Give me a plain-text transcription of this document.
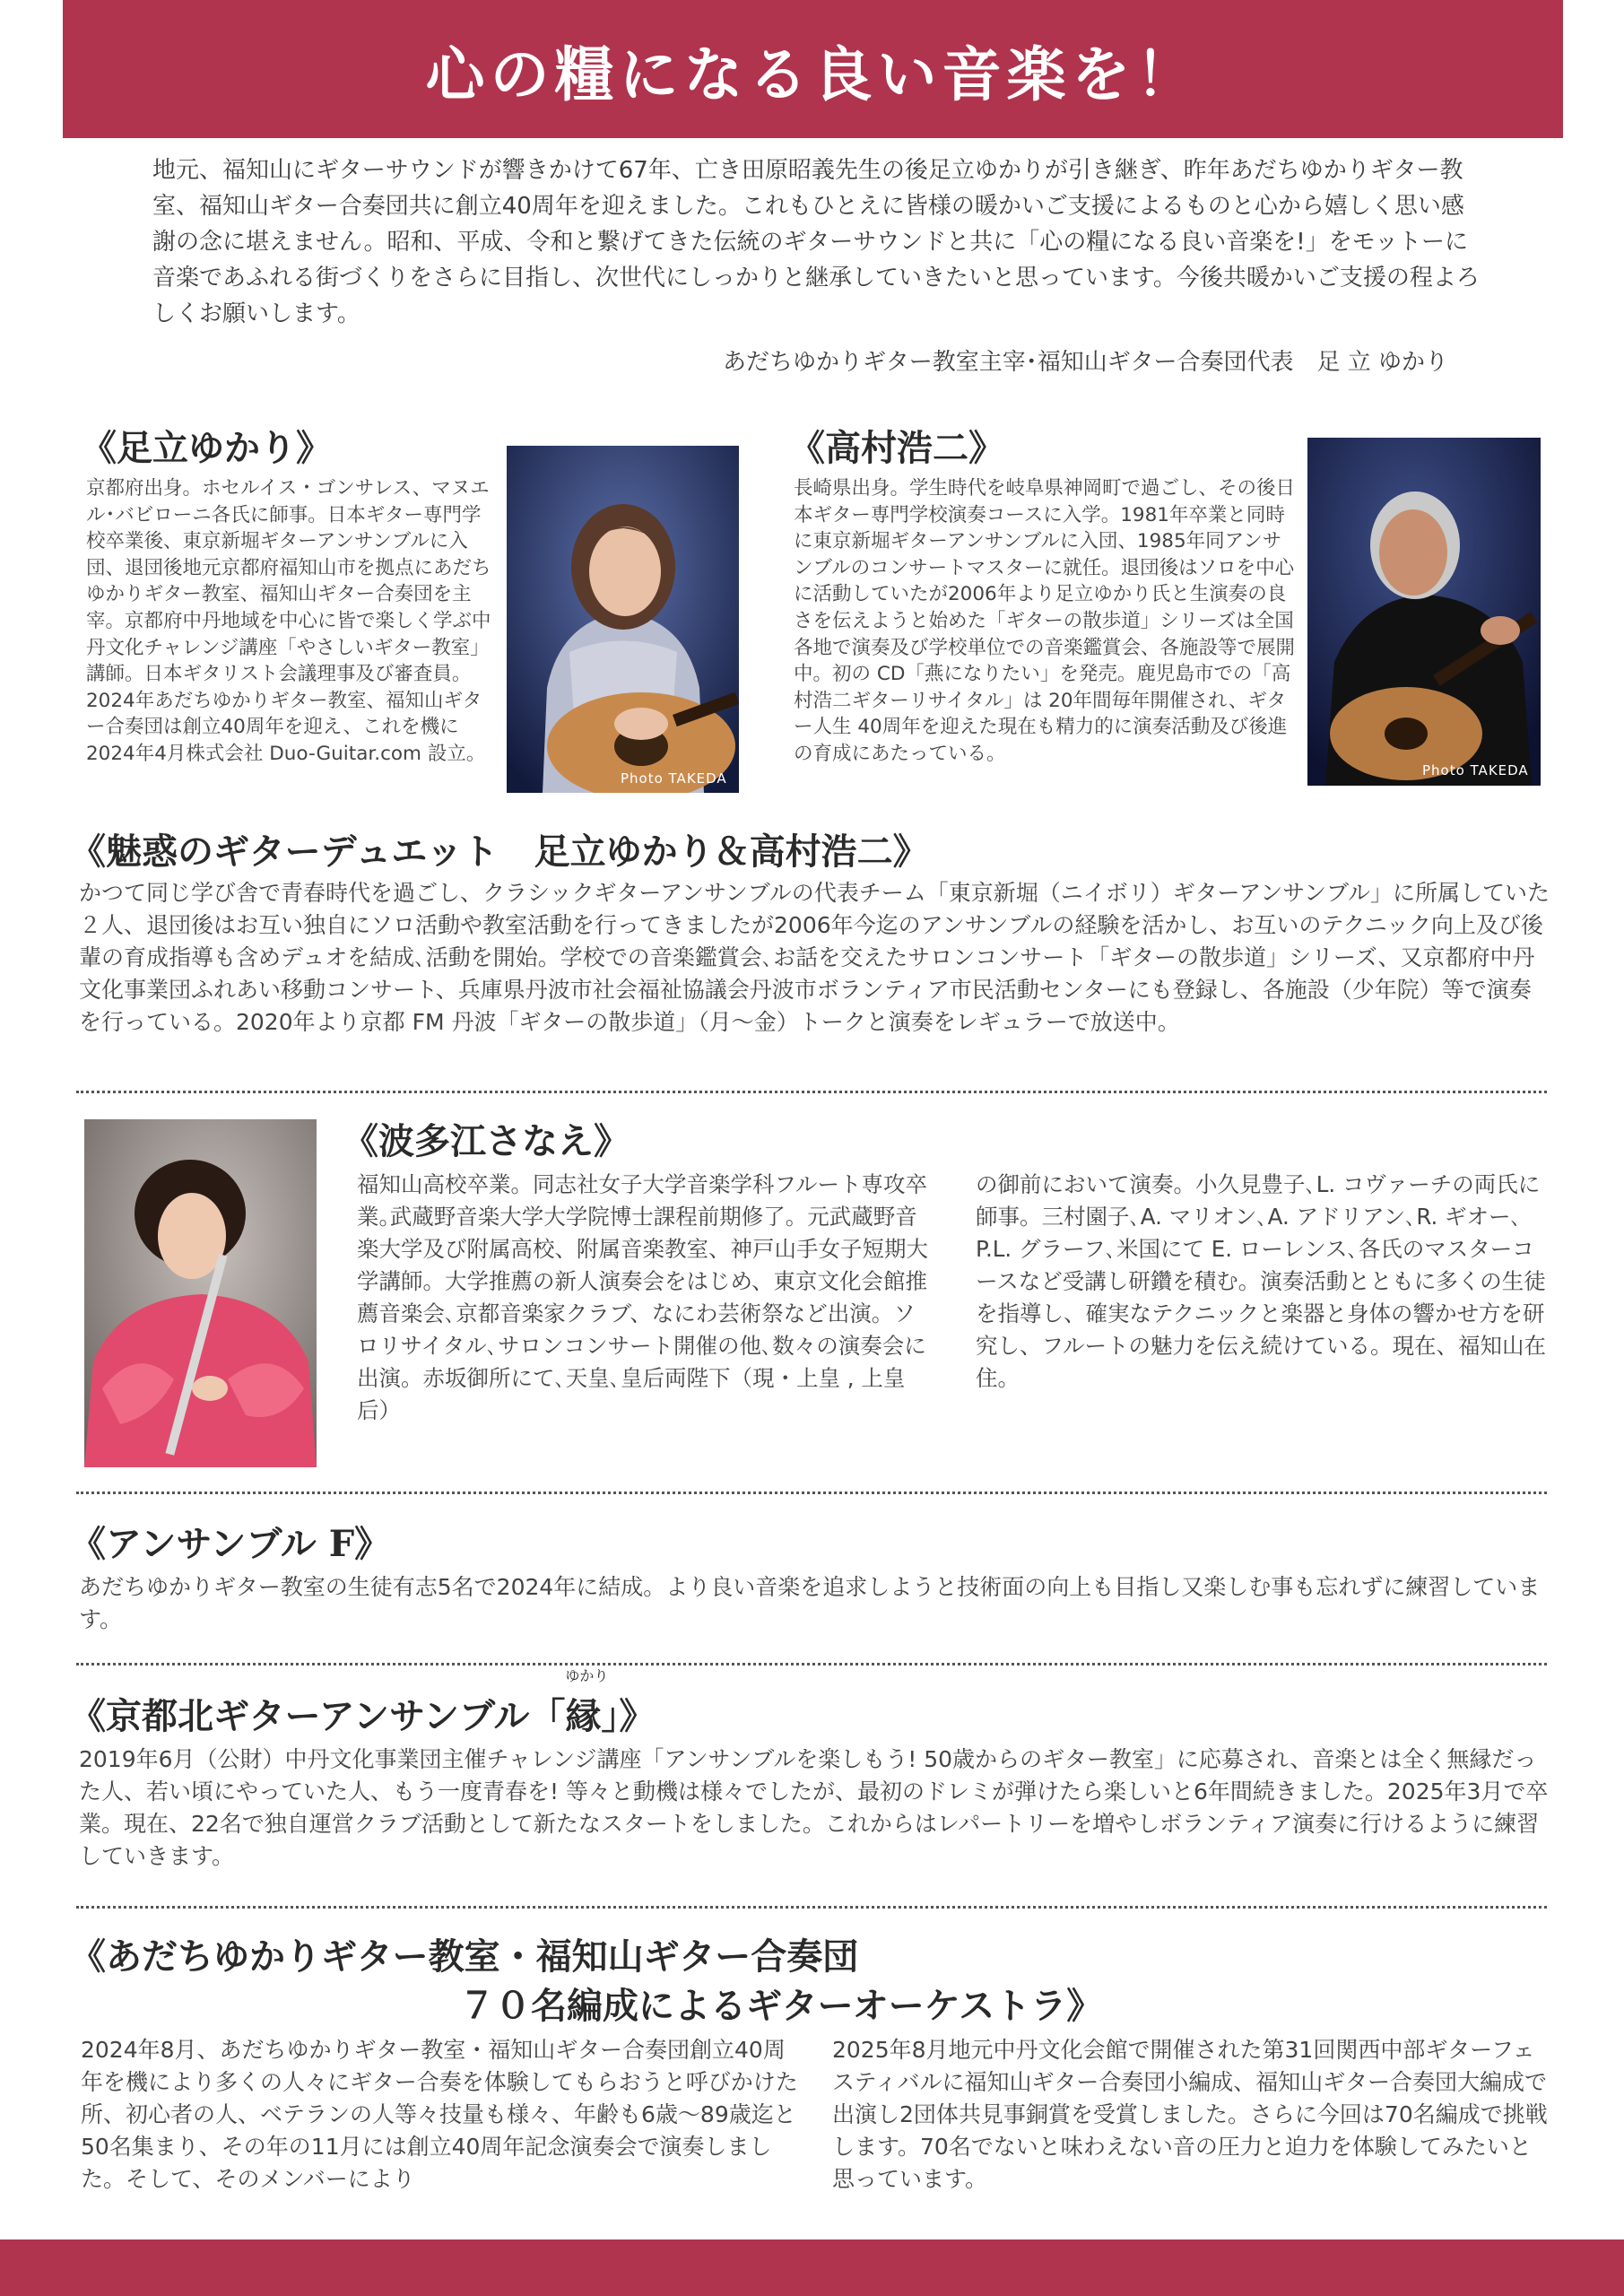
心の糧になる良い音楽を！

地元、福知山にギターサウンドが響きかけて67年、亡き田原昭義先生の後足立ゆかりが引き継ぎ、昨年あだちゆかりギター教室、福知山ギター合奏団共に創立40周年を迎えました。これもひとえに皆様の暖かいご支援によるものと心から嬉しく思い感謝の念に堪えません。昭和、平成、令和と繋げてきた伝統のギターサウンドと共に「心の糧になる良い音楽を!」をモットーに音楽であふれる街づくりをさらに目指し、次世代にしっかりと継承していきたいと思っています。今後共暖かいご支援の程よろしくお願いします。

あだちゆかりギター教室主宰･福知山ギター合奏団代表　足 立 ゆかり
《足立ゆかり》
京都府出身。ホセルイス・ゴンサレス、マヌエル･バビローニ各氏に師事。日本ギター専門学校卒業後、東京新堀ギターアンサンブルに入団、退団後地元京都府福知山市を拠点にあだちゆかりギター教室、福知山ギター合奏団を主宰。京都府中丹地域を中心に皆で楽しく学ぶ中丹文化チャレンジ講座「やさしいギター教室」講師。日本ギタリスト会議理事及び審査員。2024年あだちゆかりギター教室、福知山ギター合奏団は創立40周年を迎え、これを機に2024年4月株式会社 Duo-Guitar.com 設立。
Photo TAKEDA
《高村浩二》
長崎県出身。学生時代を岐阜県神岡町で過ごし、その後日本ギター専門学校演奏コースに入学。1981年卒業と同時に東京新堀ギターアンサンブルに入団、1985年同アンサンブルのコンサートマスターに就任。退団後はソロを中心に活動していたが2006年より足立ゆかり氏と生演奏の良さを伝えようと始めた「ギターの散歩道」シリーズは全国各地で演奏及び学校単位での音楽鑑賞会、各施設等で展開中。初の CD「燕になりたい」を発売。鹿児島市での「高村浩二ギターリサイタル」は 20年間毎年開催され、ギター人生 40周年を迎えた現在も精力的に演奏活動及び後進の育成にあたっている。
Photo TAKEDA
《魅惑のギターデュエット　足立ゆかり＆高村浩二》
かつて同じ学び舎で青春時代を過ごし、クラシックギターアンサンブルの代表チーム「東京新堀（ニイボリ）ギターアンサンブル」に所属していた２人、退団後はお互い独自にソロ活動や教室活動を行ってきましたが2006年今迄のアンサンブルの経験を活かし、お互いのテクニック向上及び後輩の育成指導も含めデュオを結成､活動を開始。学校での音楽鑑賞会､お話を交えたサロンコンサート「ギターの散歩道」シリーズ、又京都府中丹文化事業団ふれあい移動コンサート、兵庫県丹波市社会福祉協議会丹波市ボランティア市民活動センターにも登録し、各施設（少年院）等で演奏を行っている。2020年より京都 FM 丹波「ギターの散歩道」（月～金）トークと演奏をレギュラーで放送中。
《波多江さなえ》
福知山高校卒業。同志社女子大学音楽学科フルート専攻卒業｡武蔵野音楽大学大学院博士課程前期修了。元武蔵野音楽大学及び附属高校、附属音楽教室、神戸山手女子短期大学講師。大学推薦の新人演奏会をはじめ、東京文化会館推薦音楽会､京都音楽家クラブ、なにわ芸術祭など出演。ソロリサイタル､サロンコンサート開催の他､数々の演奏会に出演。赤坂御所にて､天皇､皇后両陛下（現・上皇 , 上皇后）
の御前において演奏。小久見豊子､L. コヴァーチの両氏に師事。三村園子､A. マリオン､A. アドリアン､R. ギオー､P.L. グラーフ､米国にて E. ローレンス､各氏のマスターコースなど受講し研鑽を積む。演奏活動とともに多くの生徒を指導し、確実なテクニックと楽器と身体の響かせ方を研究し、フルートの魅力を伝え続けている。現在、福知山在住。
《アンサンブル F》
あだちゆかりギター教室の生徒有志5名で2024年に結成。より良い音楽を追求しようと技術面の向上も目指し又楽しむ事も忘れずに練習しています。
《京都北ギターアンサンブル「
ゆかり
縁」》
2019年6月（公財）中丹文化事業団主催チャレンジ講座「アンサンブルを楽しもう! 50歳からのギター教室」に応募され、音楽とは全く無縁だった人、若い頃にやっていた人、もう一度青春を! 等々と動機は様々でしたが、最初のドレミが弾けたら楽しいと6年間続きました。2025年3月で卒業。現在、22名で独自運営クラブ活動として新たなスタートをしました。これからはレパートリーを増やしボランティア演奏に行けるように練習していきます。
《あだちゆかりギター教室・福知山ギター合奏団
７０名編成によるギターオーケストラ》
2024年8月、あだちゆかりギター教室・福知山ギター合奏団創立40周年を機により多くの人々にギター合奏を体験してもらおうと呼びかけた所、初心者の人、ベテランの人等々技量も様々、年齢も6歳～89歳迄と50名集まり、その年の11月には創立40周年記念演奏会で演奏しました。そして、そのメンバーにより
2025年8月地元中丹文化会館で開催された第31回関西中部ギターフェスティバルに福知山ギター合奏団小編成、福知山ギター合奏団大編成で出演し2団体共見事銅賞を受賞しました。さらに今回は70名編成で挑戦します。70名でないと味わえない音の圧力と迫力を体験してみたいと思っています。
